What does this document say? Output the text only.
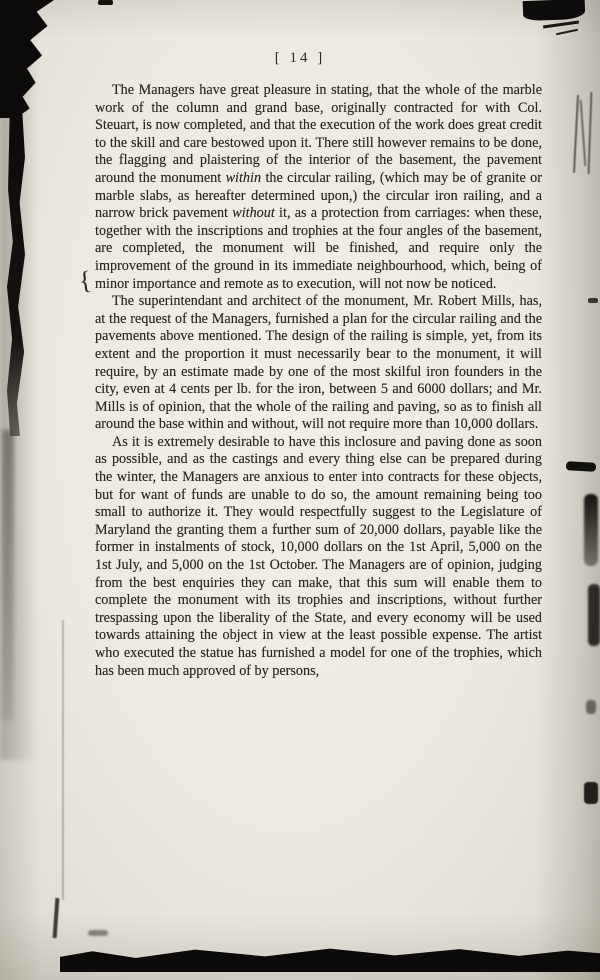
[ 14 ]

The Managers have great pleasure in stating, that the whole of the marble work of the column and grand base, originally contracted for with Col. Steuart, is now completed, and that the execution of the work does great credit to the skill and care bestowed upon it. There still however remains to be done, the flagging and plaistering of the interior of the basement, the pavement around the monument within the circular railing, (which may be of granite or marble slabs, as hereafter determined upon,) the circular iron railing, and a narrow brick pavement without it, as a protection from carriages: when these, together with the inscriptions and trophies at the four angles of the basement, are completed, the monument will be finished, and require only the improvement of the ground in its immediate neighbourhood, which, being of minor importance and remote as to execution, will not now be noticed.

The superintendant and architect of the monument, Mr. Robert Mills, has, at the request of the Managers, furnished a plan for the circular railing and the pavements above mentioned. The design of the railing is simple, yet, from its extent and the proportion it must necessarily bear to the monument, it will require, by an estimate made by one of the most skilful iron founders in the city, even at 4 cents per lb. for the iron, between 5 and 6000 dollars; and Mr. Mills is of opinion, that the whole of the railing and paving, so as to finish all around the base within and without, will not require more than 10,000 dollars.

As it is extremely desirable to have this inclosure and paving done as soon as possible, and as the castings and every thing else can be prepared during the winter, the Managers are anxious to enter into contracts for these objects, but for want of funds are unable to do so, the amount remaining being too small to authorize it. They would respectfully suggest to the Legislature of Maryland the granting them a further sum of 20,000 dollars, payable like the former in instalments of stock, 10,000 dollars on the 1st April, 5,000 on the 1st July, and 5,000 on the 1st October. The Managers are of opinion, judging from the best enquiries they can make, that this sum will enable them to complete the monument with its trophies and inscriptions, without further trespassing upon the liberality of the State, and every economy will be used towards attaining the object in view at the least possible expense. The artist who executed the statue has furnished a model for one of the trophies, which has been much approved of by persons,

{
